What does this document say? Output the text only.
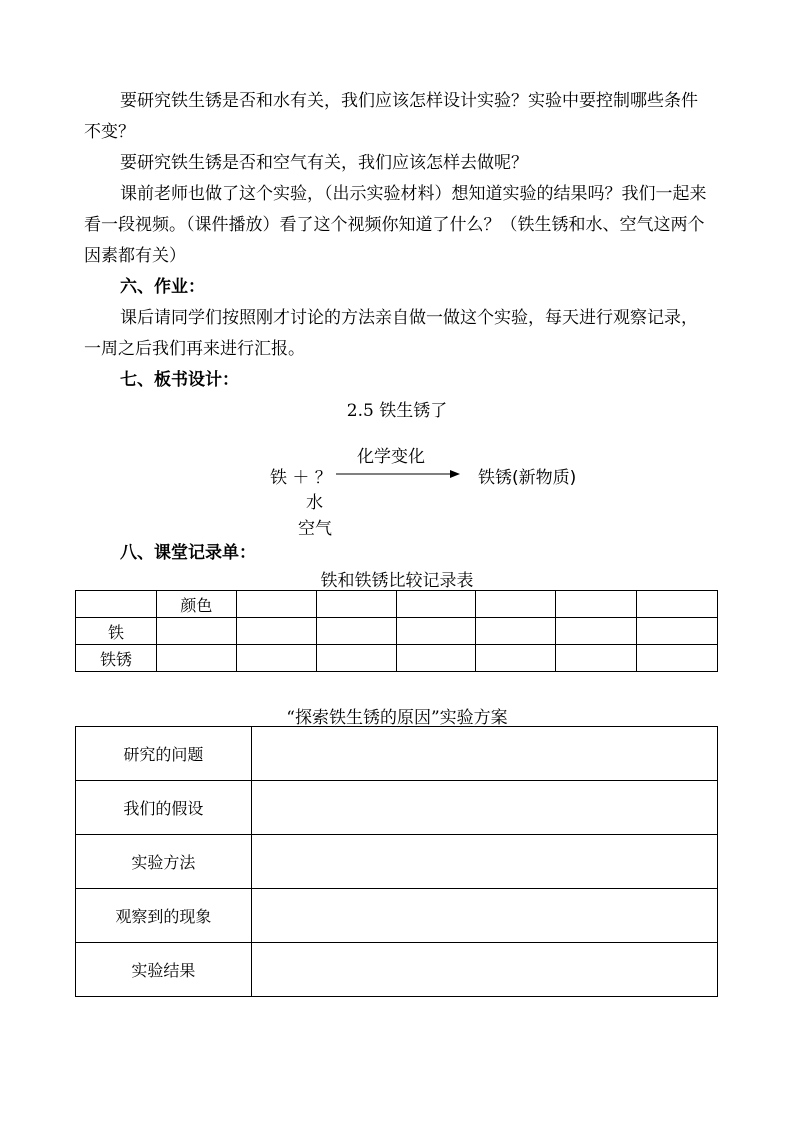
要研究铁生锈是否和水有关，我们应该怎样设计实验？实验中要控制哪些条件不变？

要研究铁生锈是否和空气有关，我们应该怎样去做呢？

课前老师也做了这个实验，（出示实验材料）想知道实验的结果吗？我们一起来看一段视频。（课件播放）看了这个视频你知道了什么？（铁生锈和水、空气这两个因素都有关）

六、作业：

课后请同学们按照刚才讨论的方法亲自做一做这个实验，每天进行观察记录，一周之后我们再来进行汇报。

七、板书设计：

2.5 铁生锈了
化学变化
铁 ＋ ？	铁锈(新物质)
水
空气

八、课堂记录单：

铁和铁锈比较记录表
	颜色						
铁							
铁锈							
“探索铁生锈的原因”实验方案
研究的问题	
我们的假设	
实验方法	
观察到的现象	
实验结果	
